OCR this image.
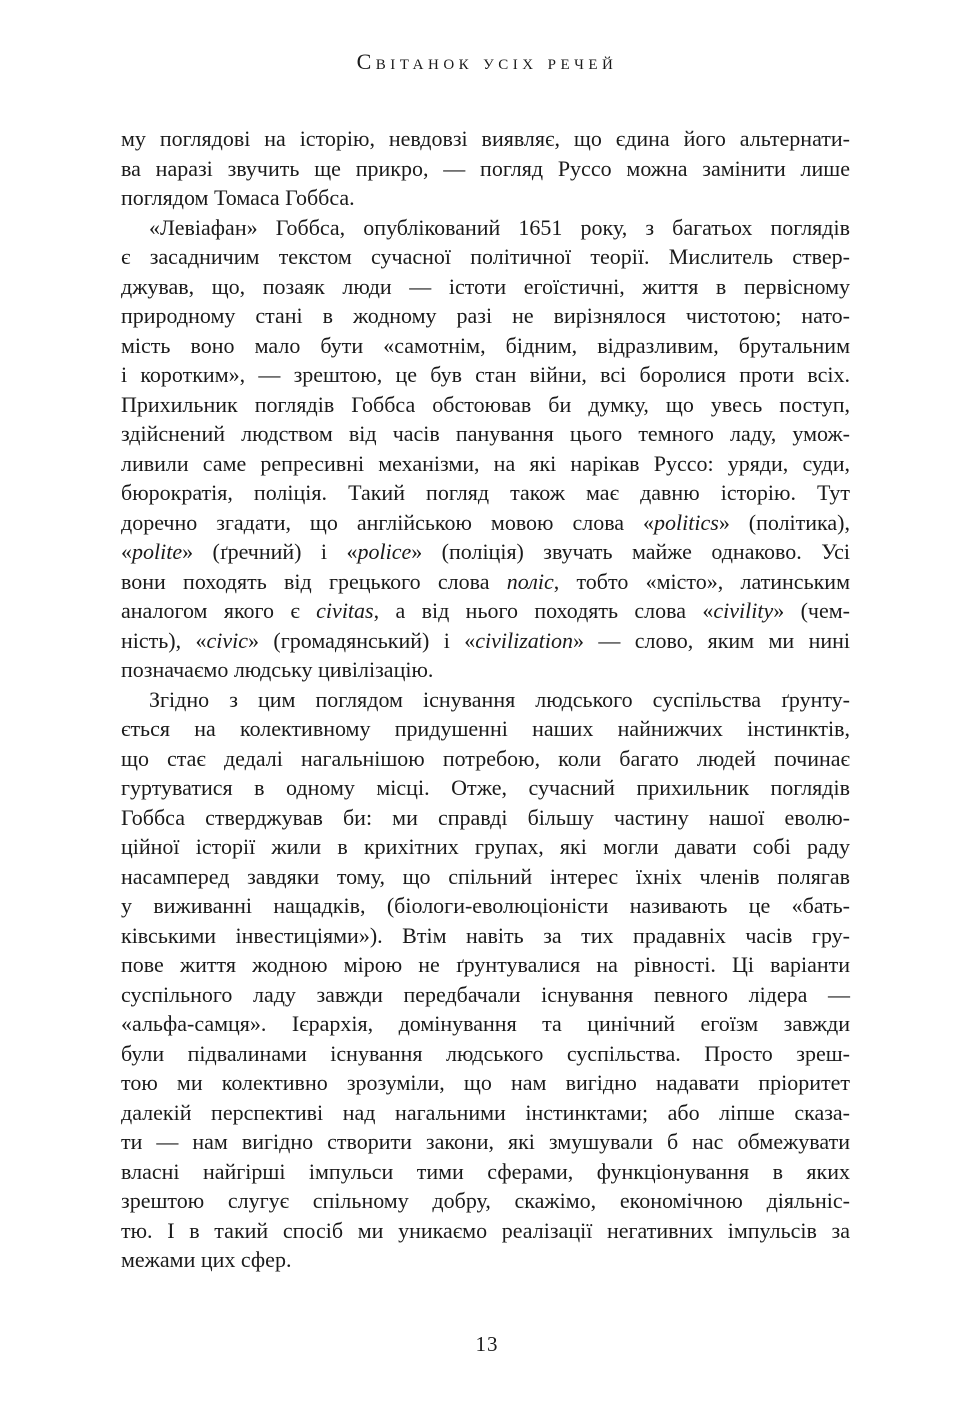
Світанок усіх речей
му поглядові на історію, невдовзі виявляє, що єдина його альтернати-
ва наразі звучить ще прикро, — погляд Руссо можна замінити лише
поглядом Томаса Гоббса.
«Левіафан» Гоббса, опублікований 1651 року, з багатьох поглядів
є засадничим текстом сучасної політичної теорії. Мислитель ствер-
джував, що, позаяк люди — істоти егоїстичні, життя в первісному
природному стані в жодному разі не вирізнялося чистотою; нато-
мість воно мало бути «самотнім, бідним, відразливим, брутальним
і коротким», — зрештою, це був стан війни, всі боролися проти всіх.
Прихильник поглядів Гоббса обстоював би думку, що увесь поступ,
здійснений людством від часів панування цього темного ладу, умож-
ливили саме репресивні механізми, на які нарікав Руссо: уряди, суди,
бюрократія, поліція. Такий погляд також має давню історію. Тут
доречно згадати, що англійською мовою слова «politics» (політика),
«polite» (ґречний) і «police» (поліція) звучать майже однаково. Усі
вони походять від грецького слова поліс, тобто «місто», латинським
аналогом якого є civitas, а від нього походять слова «civility» (чем-
ність), «civic» (громадянський) і «civilization» — слово, яким ми нині
позначаємо людську цивілізацію.
Згідно з цим поглядом існування людського суспільства ґрунту-
ється на колективному придушенні наших найнижчих інстинктів,
що стає дедалі нагальнішою потребою, коли багато людей починає
гуртуватися в одному місці. Отже, сучасний прихильник поглядів
Гоббса стверджував би: ми справді більшу частину нашої еволю-
ційної історії жили в крихітних групах, які могли давати собі раду
насамперед завдяки тому, що спільний інтерес їхніх членів полягав
у виживанні нащадків, (біологи-еволюціоністи називають це «бать-
ківськими інвестиціями»). Втім навіть за тих прадавніх часів гру-
пове життя жодною мірою не ґрунтувалися на рівності. Ці варіанти
суспільного ладу завжди передбачали існування певного лідера —
«альфа-самця». Ієрархія, домінування та цинічний егоїзм завжди
були підвалинами існування людського суспільства. Просто зреш-
тою ми колективно зрозуміли, що нам вигідно надавати пріоритет
далекій перспективі над нагальними інстинктами; або ліпше сказа-
ти — нам вигідно створити закони, які змушували б нас обмежувати
власні найгірші імпульси тими сферами, функціонування в яких
зрештою слугує спільному добру, скажімо, економічною діяльніс-
тю. І в такий спосіб ми уникаємо реалізації негативних імпульсів за
межами цих сфер.
13
